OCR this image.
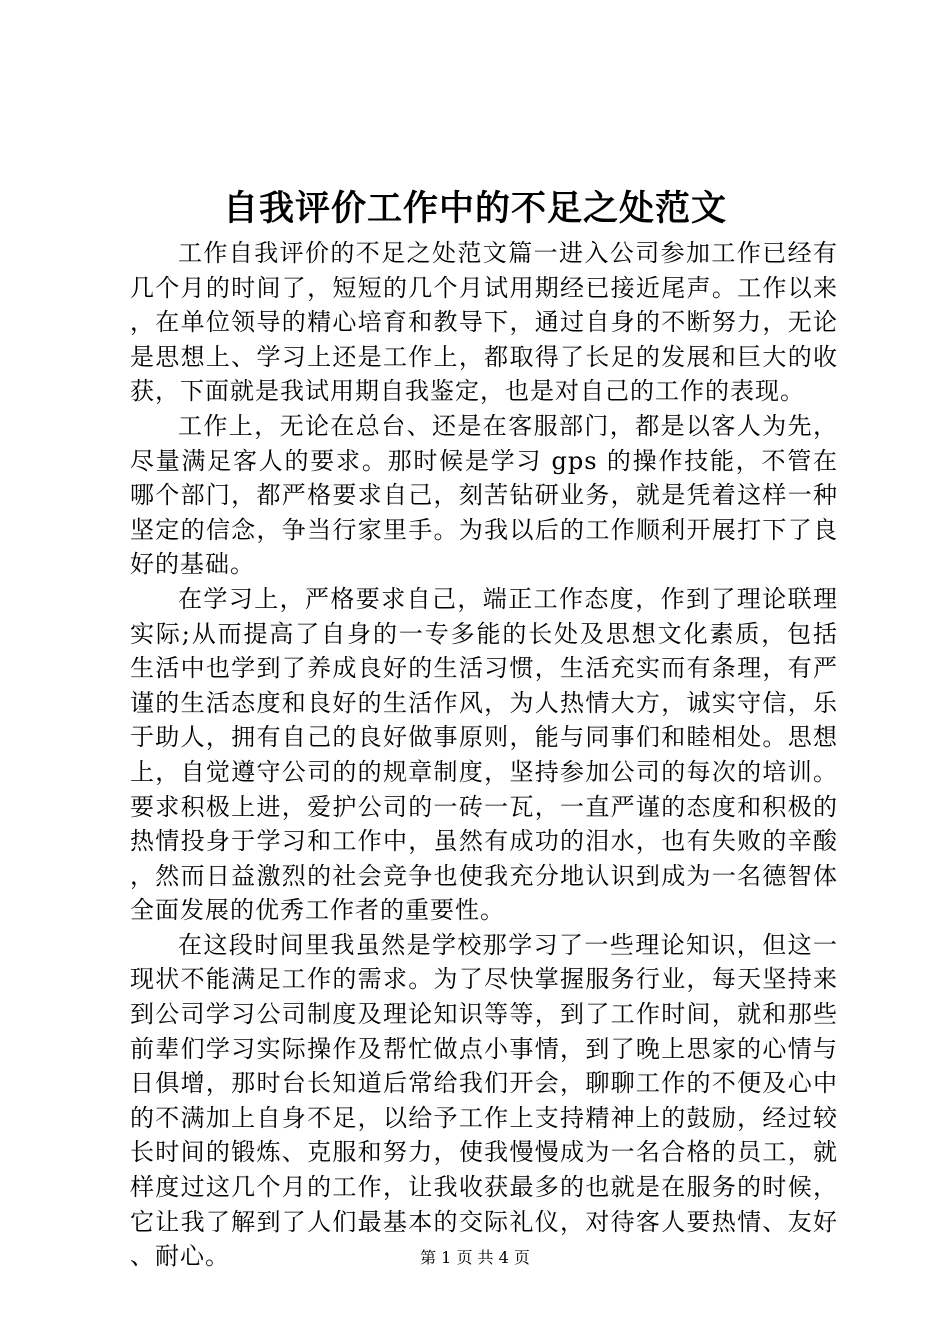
自我评价工作中的不足之处范文

工作自我评价的不足之处范文篇一进入公司参加工作已经有几个月的时间了，短短的几个月试用期经已接近尾声。工作以来，在单位领导的精心培育和教导下，通过自身的不断努力，无论是思想上、学习上还是工作上，都取得了长足的发展和巨大的收获，下面就是我试用期自我鉴定，也是对自己的工作的表现。

工作上，无论在总台、还是在客服部门，都是以客人为先，尽量满足客人的要求。那时候是学习 gps 的操作技能，不管在哪个部门，都严格要求自己，刻苦钻研业务，就是凭着这样一种坚定的信念，争当行家里手。为我以后的工作顺利开展打下了良好的基础。

在学习上，严格要求自己，端正工作态度，作到了理论联理实际;从而提高了自身的一专多能的长处及思想文化素质，包括生活中也学到了养成良好的生活习惯，生活充实而有条理，有严谨的生活态度和良好的生活作风，为人热情大方，诚实守信，乐于助人，拥有自己的良好做事原则，能与同事们和睦相处。思想上，自觉遵守公司的的规章制度，坚持参加公司的每次的培训。要求积极上进，爱护公司的一砖一瓦，一直严谨的态度和积极的热情投身于学习和工作中，虽然有成功的泪水，也有失败的辛酸，然而日益激烈的社会竞争也使我充分地认识到成为一名德智体全面发展的优秀工作者的重要性。

在这段时间里我虽然是学校那学习了一些理论知识，但这一现状不能满足工作的需求。为了尽快掌握服务行业，每天坚持来到公司学习公司制度及理论知识等等，到了工作时间，就和那些前辈们学习实际操作及帮忙做点小事情，到了晚上思家的心情与日俱增，那时台长知道后常给我们开会，聊聊工作的不便及心中的不满加上自身不足，以给予工作上支持精神上的鼓励，经过较长时间的锻炼、克服和努力，使我慢慢成为一名合格的员工，就样度过这几个月的工作，让我收获最多的也就是在服务的时候，它让我了解到了人们最基本的交际礼仪，对待客人要热情、友好、耐心。	第 1 页 共 4 页
